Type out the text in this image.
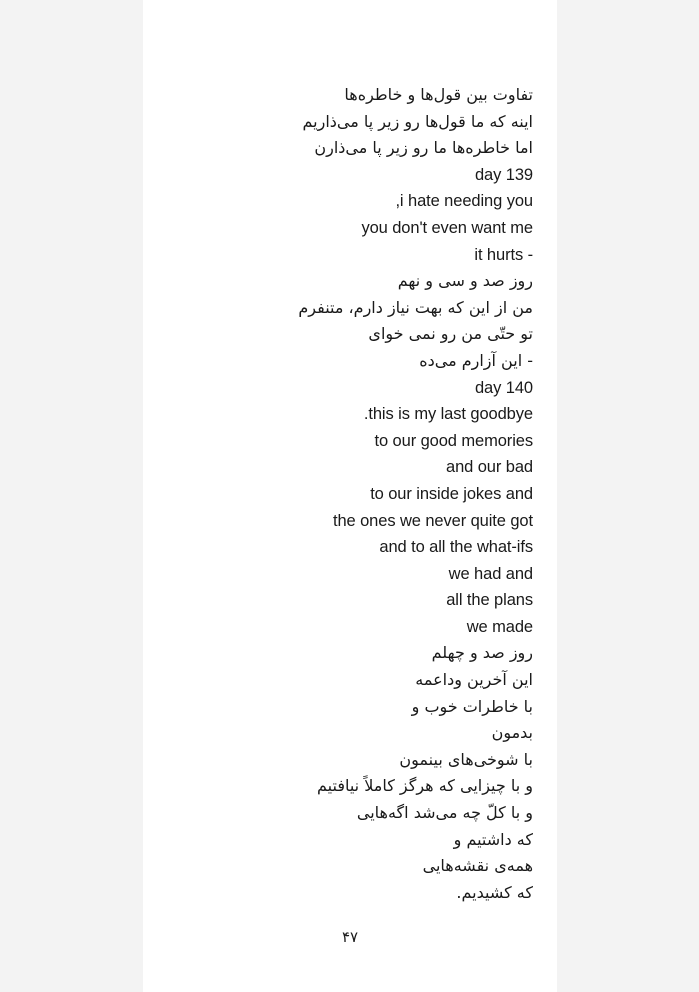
تفاوت بین قول‌ها و خاطره‌ها
اینه که ما قول‌ها رو زیر پا می‌ذاریم
اما خاطره‌ها ما رو زیر پا می‌ذارن
day 139
,i hate needing you
you don't even want me
it hurts -
روز صد و سی و نهم
من از این که بهت نیاز دارم، متنفرم
تو حتّی من رو نمی خوای
- این آزارم می‌ده
day 140
.this is my last goodbye
to our good memories
and our bad
to our inside jokes and
the ones we never quite got
and to all the what-ifs
we had and
all the plans
we made
روز صد و چهلم
این آخرین وداعمه
با خاطرات خوب و
بدمون
با شوخی‌های بینمون
و با چیزایی که هرگز کاملاً نیافتیم
و با کلّ چه می‌شد اگه‌هایی
که داشتیم و
همه‌ی نقشه‌هایی
که کشیدیم.
۴۷
